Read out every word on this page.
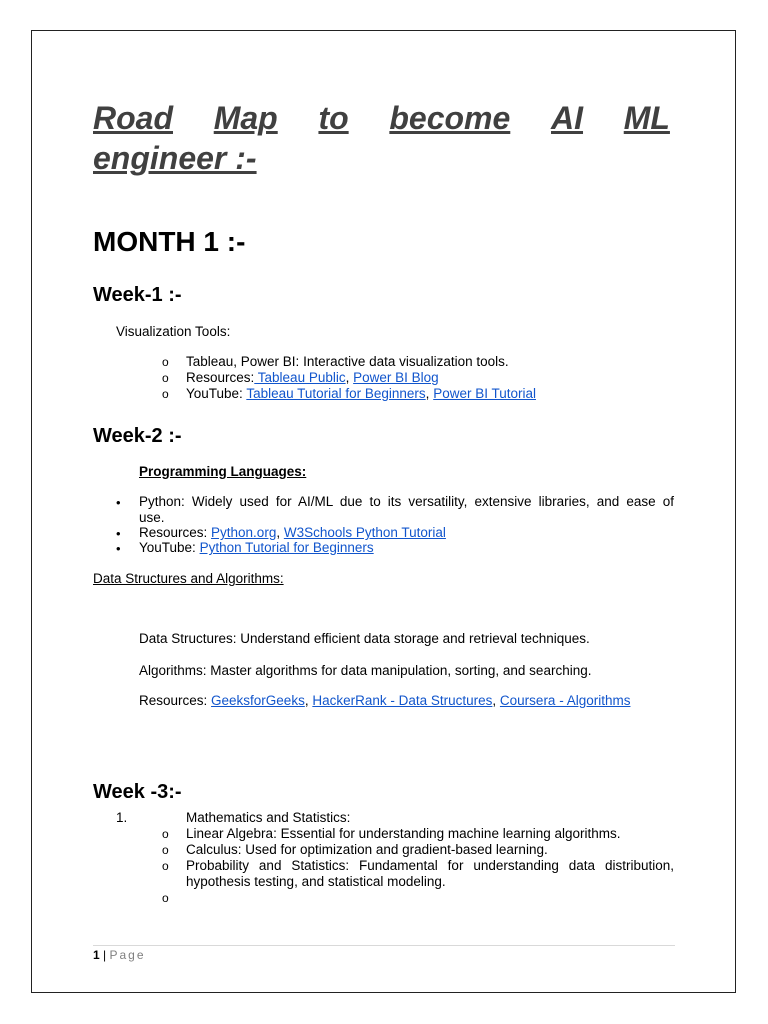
Road Map to become AI ML
engineer :-
MONTH 1 :-
Week-1 :-
Visualization Tools:
o Tableau, Power BI: Interactive data visualization tools.
o Resources: Tableau Public, Power BI Blog
o YouTube: Tableau Tutorial for Beginners, Power BI Tutorial
Week-2 :-
Programming Languages:
• Python: Widely used for AI/ML due to its versatility, extensive libraries, and ease of
use.
• Resources: Python.org, W3Schools Python Tutorial
• YouTube: Python Tutorial for Beginners
Data Structures and Algorithms:
Data Structures: Understand efficient data storage and retrieval techniques.
Algorithms: Master algorithms for data manipulation, sorting, and searching.
Resources: GeeksforGeeks, HackerRank - Data Structures, Coursera - Algorithms
Week -3:-
1.	Mathematics and Statistics:
o Linear Algebra: Essential for understanding machine learning algorithms.
o Calculus: Used for optimization and gradient-based learning.
o Probability and Statistics: Fundamental for understanding data distribution,
hypothesis testing, and statistical modeling.
o
1 | Page
